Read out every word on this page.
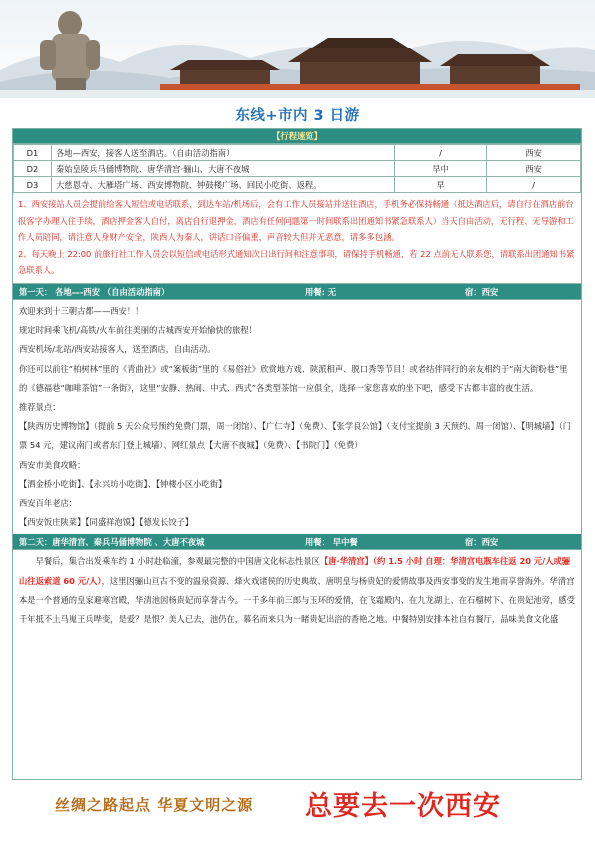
东线+市内 3 日游
【行程速览】
D1	各地—西安，接客人送至酒店。（自由活动指南）	/	西安
D2	秦始皇陵兵马俑博物院、唐华清宫·骊山、大唐不夜城	早中	西安
D3	大慈恩寺、大雁塔广场、西安博物院、钟鼓楼广场、回民小吃街、返程。	早	/
1、西安接站人员会提前给客人短信或电话联系，到达车站/机场后，会有工作人员接站并送往酒店，手机务必保持畅通（抵达酒店后，请自行在酒店前台报客字办理入住手续，酒店押金客人自付，离店自行退押金，酒店有任何问题第一时间联系出团通知书紧急联系人）当天自由活动，无行程、无导游和工作人员陪同，请注意人身财产安全，陕西人为秦人，讲话口音偏重，声音较大但并无恶意，请多多包涵。
2、每天晚上 22:00 前旅行社工作人员会以短信或电话形式通知次日出行间和注意事项，请保持手机畅通，若 22 点前无人联系您，请联系出团通知书紧急联系人。
第一天： 各地—-西安 （自由活动指南）	用餐: 无	宿：西安
欢迎来到十三朝古都——西安！！
规定时间乘飞机/高铁/火车前往美丽的古城西安开始愉快的旅程！
西安机场/北站/西安站接客人，送至酒店，自由活动。
你还可以前往“柏树林”里的《青曲社》或“案板街”里的《易俗社》欣赏地方戏、陕派相声、脱口秀等节目！或者结伴同行的亲友相约于“南大街粉巷”里的《德福巷“咖啡茶馆”一条街》，这里“安静、热闹、中式、西式”各类型茶馆一应俱全，选择一家您喜欢的坐下吧，感受下古都丰富的夜生活。
推荐景点：
【陕西历史博物馆】（提前 5 天公众号预约免费门票，周一闭馆）、【广仁寺】（免费）、【张学良公馆】（支付宝提前 3 天预约、周一闭馆）、【明城墙】（门票 54 元，建议南门或者东门登上城墙）、网红景点【大唐不夜城】（免费）、【书院门】（免费）
西安市美食攻略：
【洒金桥小吃街】、【永兴坊小吃街】、【钟楼小区小吃街】
西安百年老店：
【西安饭庄陕菜】【同盛祥泡馍】【德发长饺子】
第二天：唐华清宫、秦兵马俑博物院 、大唐不夜城	用餐： 早中餐	宿：西安
早餐后，集合出发乘车约 1 小时赴临潼，参观最完整的中国唐文化标志性景区【唐·华清宫】（约 1.5 小时 自理：华清宫电瓶车往返 20 元/人或骊山往返索道 60 元/人），这里因骊山亘古不变的温泉资源、烽火戏诸侯的历史典故、唐明皇与杨贵妃的爱情故事及西安事变的发生地而享誉海外。华清宫本是一个普通的皇家避寒宫殿，华清池因杨贵妃而享誉古今。一千多年前三郎与玉环的爱情，在飞霜殿内、在九龙湖上、在石榴树下、在贵妃池旁，感受千年抵不上马嵬王兵哗变，是爱？是恨？美人已去，池仍在，慕名而来只为一睹贵妃出浴的香艳之地。中餐特别安排本社自有餐厅，品味美食文化盛
丝绸之路起点 华夏文明之源 总要去一次西安
